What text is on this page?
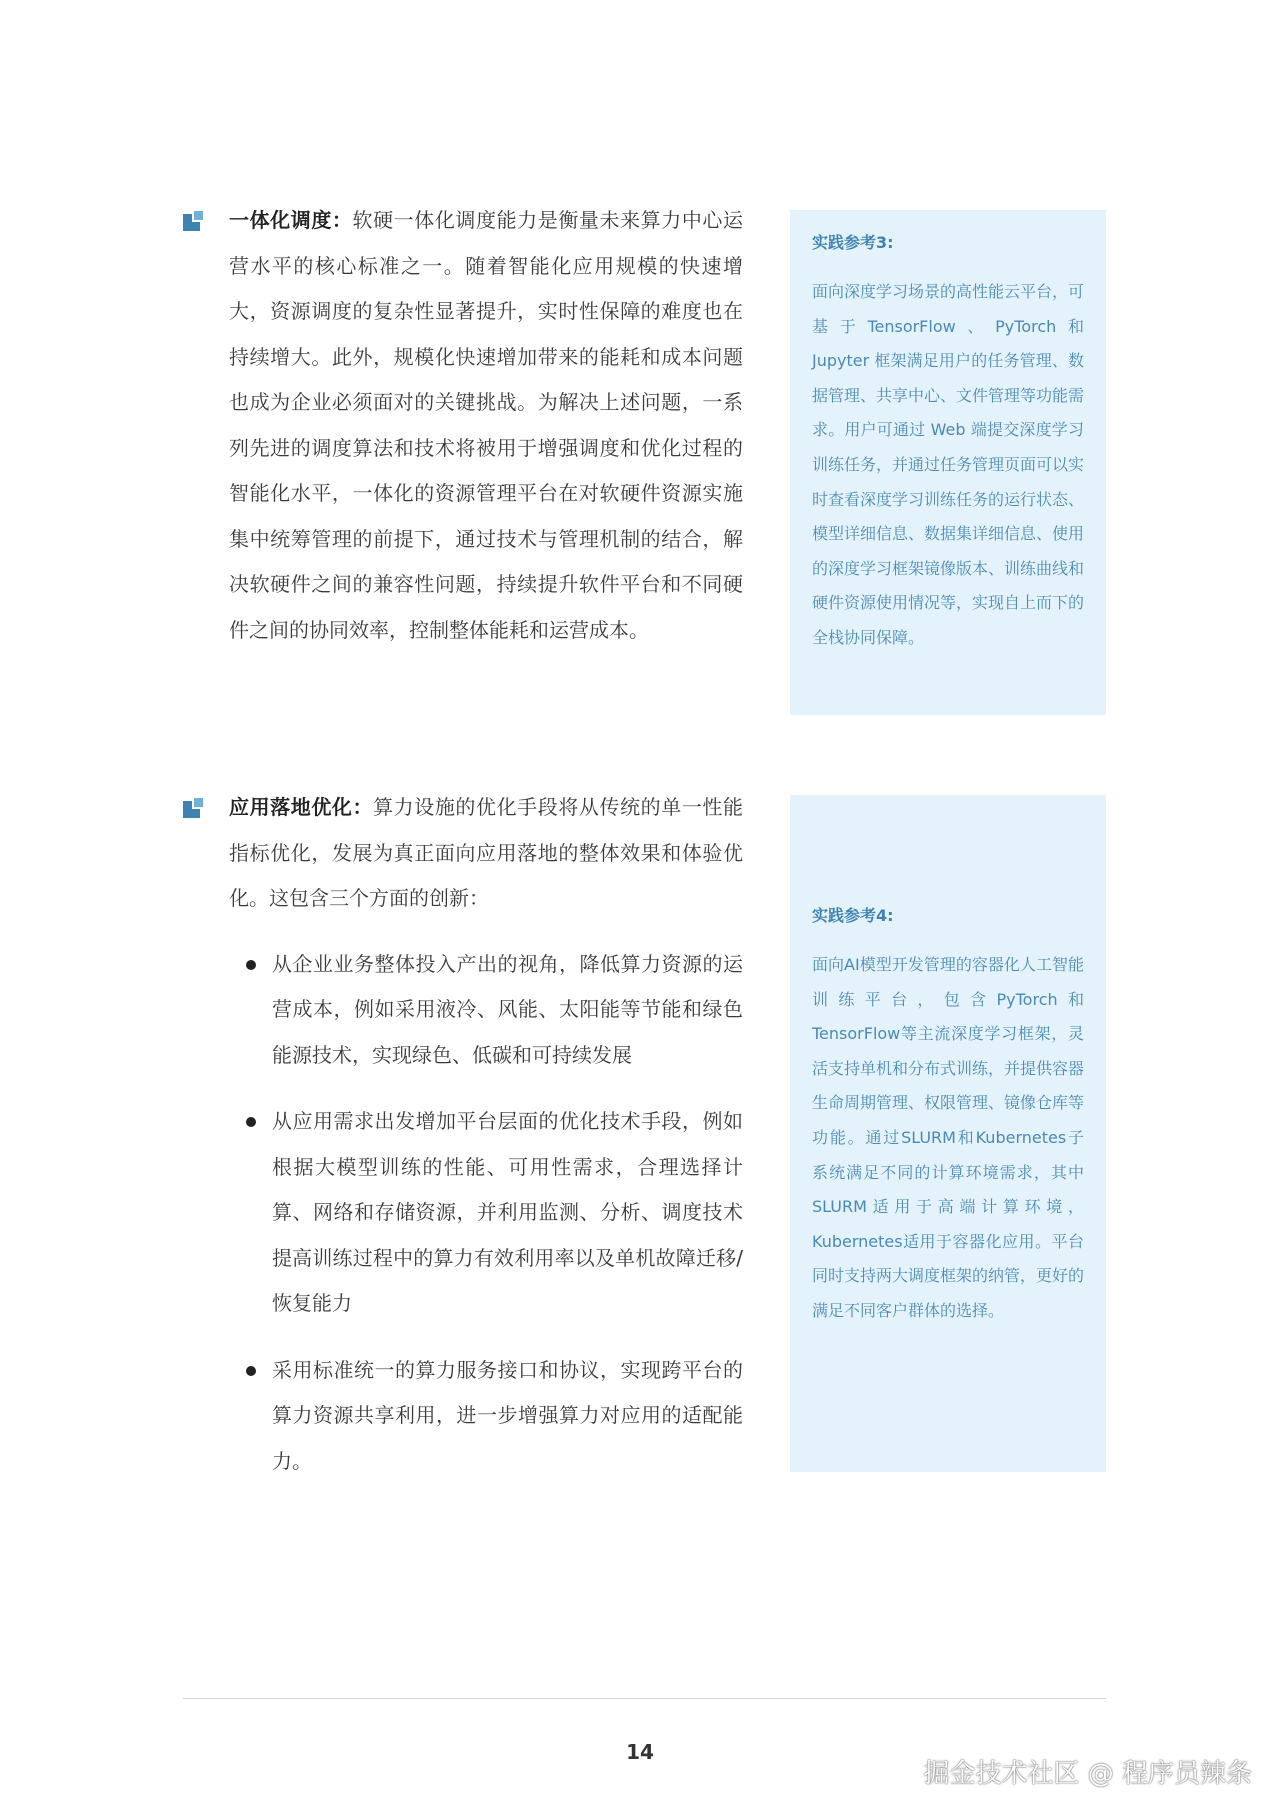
一体化调度：软硬一体化调度能力是衡量未来算力中心运营水平的核心标准之一。随着智能化应用规模的快速增大，资源调度的复杂性显著提升，实时性保障的难度也在持续增大。此外，规模化快速增加带来的能耗和成本问题也成为企业必须面对的关键挑战。为解决上述问题，一系列先进的调度算法和技术将被用于增强调度和优化过程的智能化水平，一体化的资源管理平台在对软硬件资源实施集中统筹管理的前提下，通过技术与管理机制的结合，解决软硬件之间的兼容性问题，持续提升软件平台和不同硬件之间的协同效率，控制整体能耗和运营成本。

实践参考3:

面向深度学习场景的高性能云平台，可基于TensorFlow、PyTorch和 Jupyter 框架满足用户的任务管理、数据管理、共享中心、文件管理等功能需求。用户可通过 Web 端提交深度学习训练任务，并通过任务管理页面可以实时查看深度学习训练任务的运行状态、模型详细信息、数据集详细信息、使用的深度学习框架镜像版本、训练曲线和硬件资源使用情况等，实现自上而下的全栈协同保障。

应用落地优化：算力设施的优化手段将从传统的单一性能指标优化，发展为真正面向应用落地的整体效果和体验优化。这包含三个方面的创新：

从企业业务整体投入产出的视角，降低算力资源的运营成本，例如采用液冷、风能、太阳能等节能和绿色能源技术，实现绿色、低碳和可持续发展
从应用需求出发增加平台层面的优化技术手段，例如根据大模型训练的性能、可用性需求，合理选择计算、网络和存储资源，并利用监测、分析、调度技术提高训练过程中的算力有效利用率以及单机故障迁移/恢复能力
采用标准统一的算力服务接口和协议，实现跨平台的算力资源共享利用，进一步增强算力对应用的适配能力。

实践参考4:

面向AI模型开发管理的容器化人工智能训练平台，包含PyTorch和TensorFlow等主流深度学习框架，灵活支持单机和分布式训练，并提供容器生命周期管理、权限管理、镜像仓库等功能。通过SLURM和Kubernetes子系统满足不同的计算环境需求，其中SLURM适用于高端计算环境，Kubernetes适用于容器化应用。平台同时支持两大调度框架的纳管，更好的满足不同客户群体的选择。

14
掘金技术社区 @ 程序员辣条
